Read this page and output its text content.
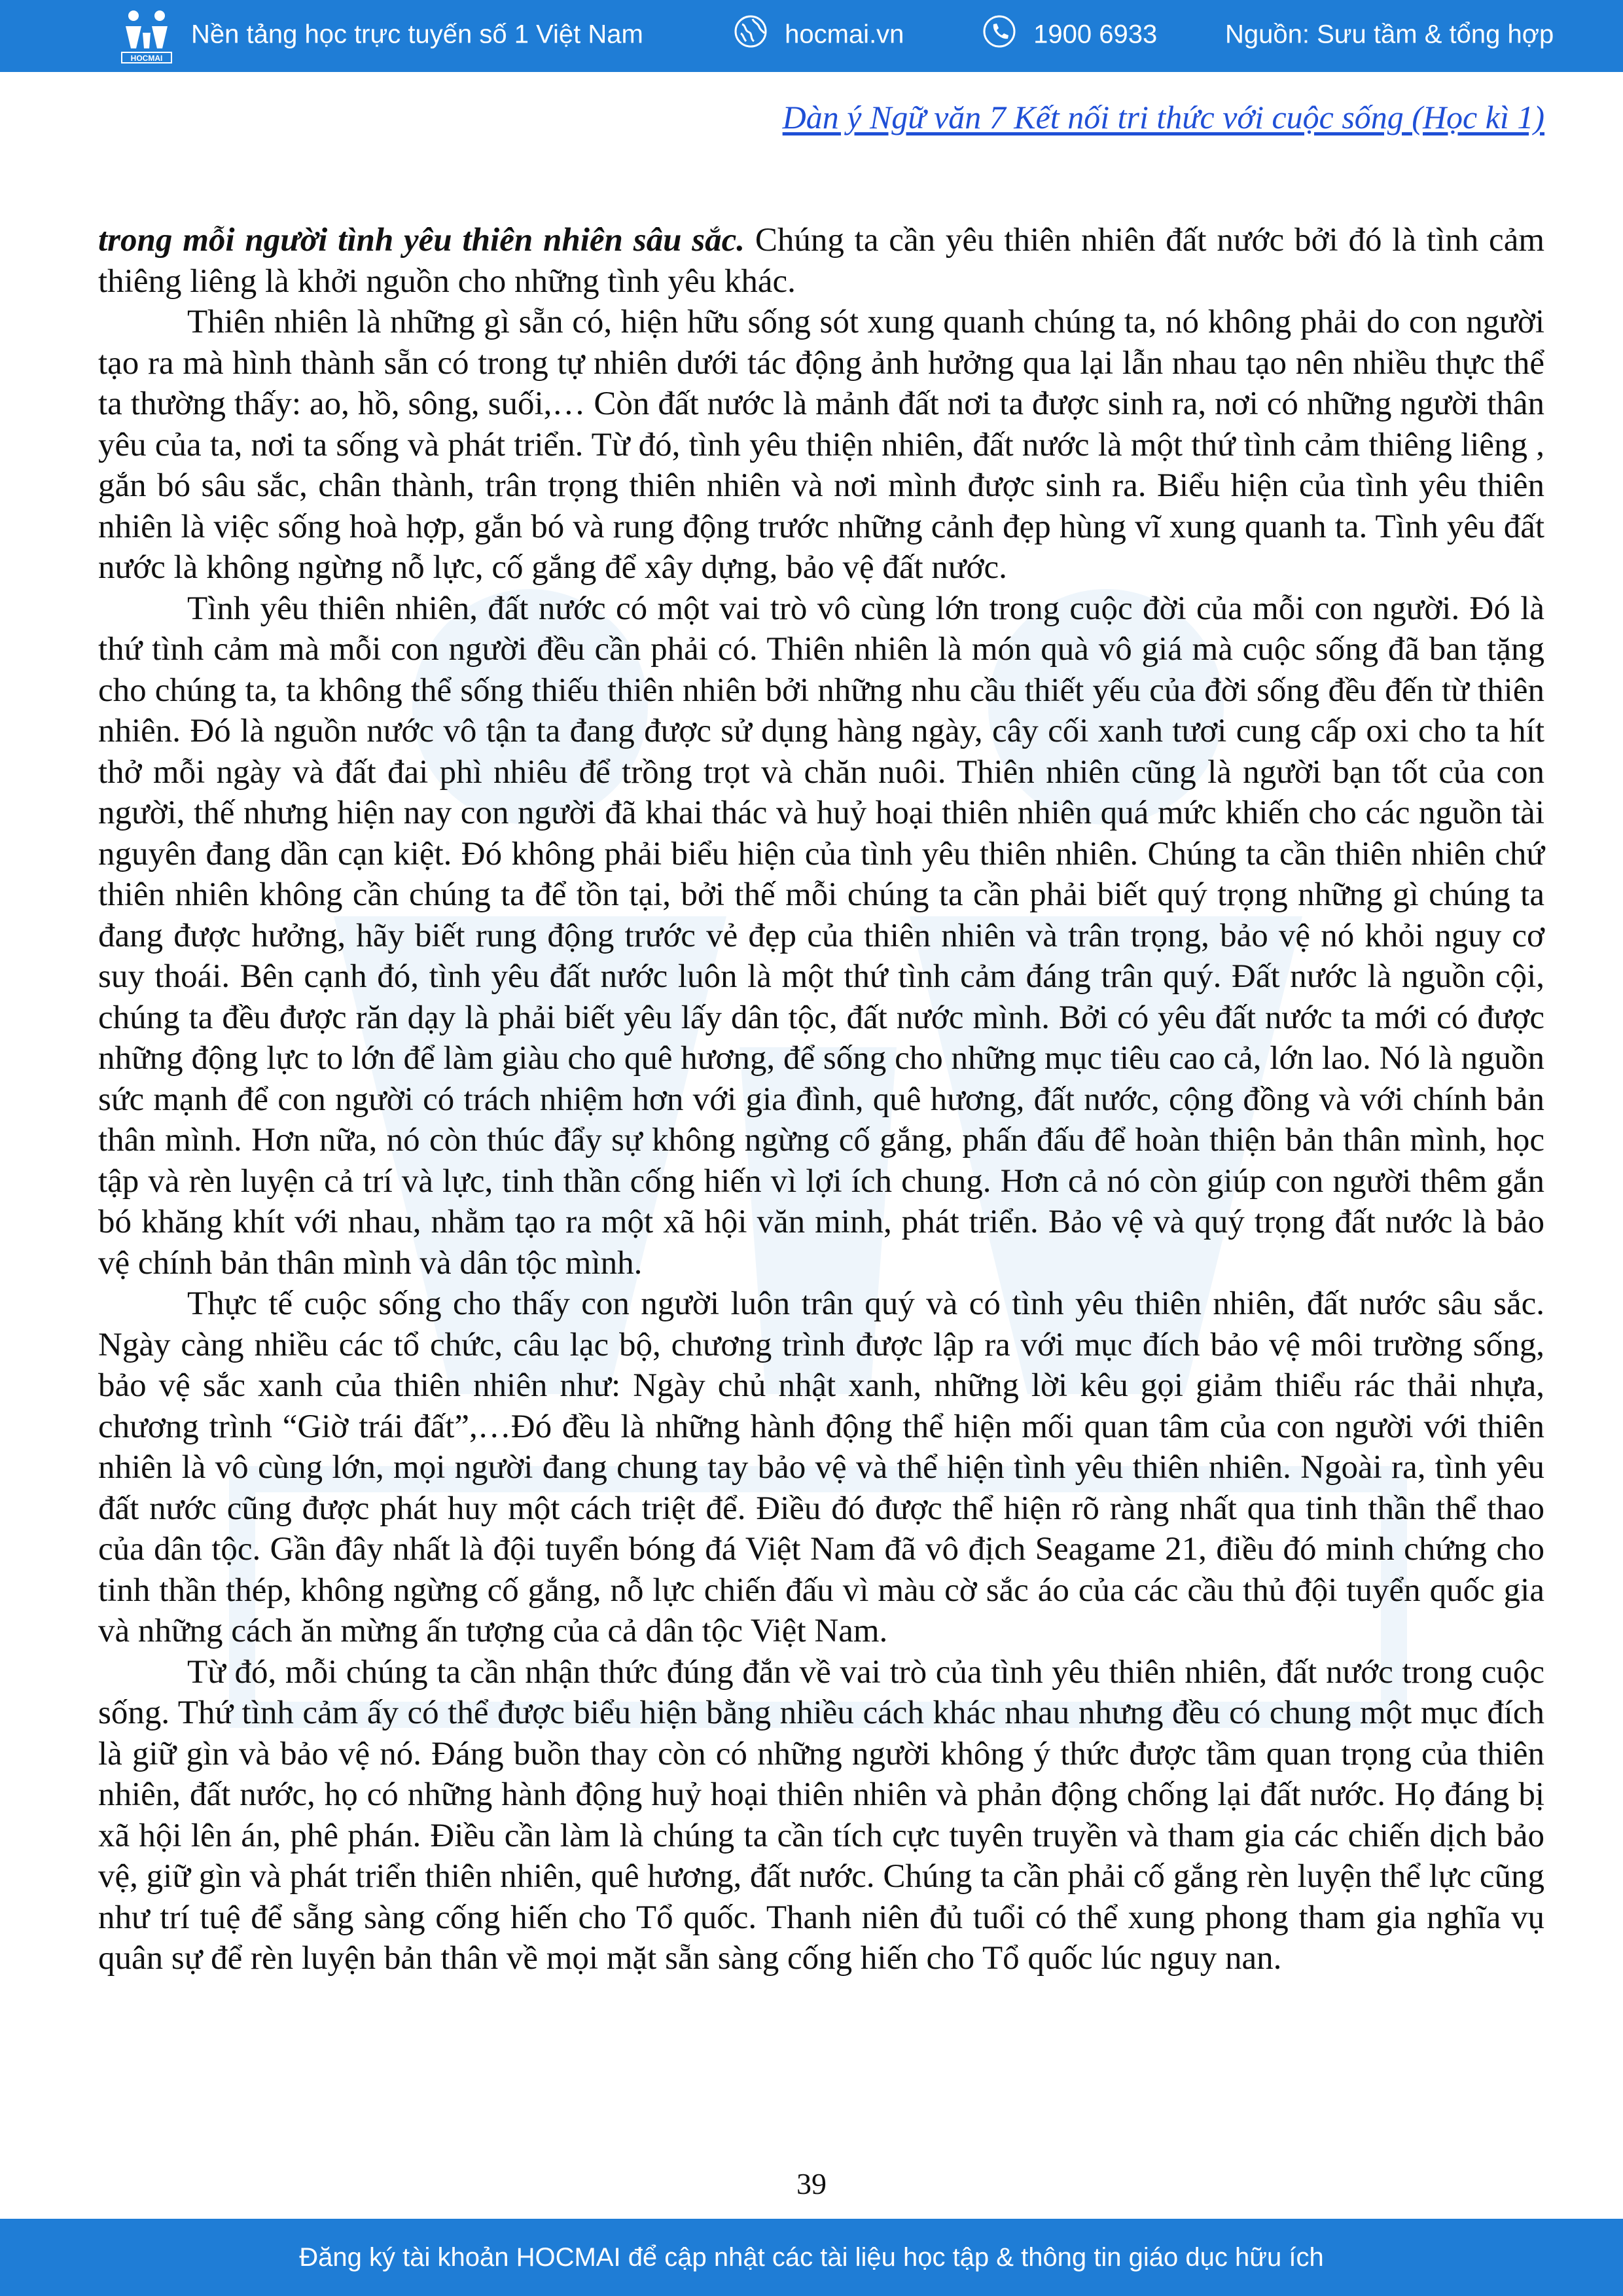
HOCMAI
Nền tảng học trực tuyến số 1 Việt Nam	hocmai.vn	1900 6933	Nguồn: Sưu tầm & tổng hợp
Dàn ý Ngữ văn 7 Kết nối tri thức với cuộc sống (Học kì 1)

trong mỗi người tình yêu thiên nhiên sâu sắc. Chúng ta cần yêu thiên nhiên đất nước bởi đó là tình cảm thiêng liêng là khởi nguồn cho những tình yêu khác.

Thiên nhiên là những gì sẵn có, hiện hữu sống sót xung quanh chúng ta, nó không phải do con người tạo ra mà hình thành sẵn có trong tự nhiên dưới tác động ảnh hưởng qua lại lẫn nhau tạo nên nhiều thực thể ta thường thấy: ao, hồ, sông, suối,… Còn đất nước là mảnh đất nơi ta được sinh ra, nơi có những người thân yêu của ta, nơi ta sống và phát triển. Từ đó, tình yêu thiện nhiên, đất nước là một thứ tình cảm thiêng liêng , gắn bó sâu sắc, chân thành, trân trọng thiên nhiên và nơi mình được sinh ra. Biểu hiện của tình yêu thiên nhiên là việc sống hoà hợp, gắn bó và rung động trước những cảnh đẹp hùng vĩ xung quanh ta. Tình yêu đất nước là không ngừng nỗ lực, cố gắng để xây dựng, bảo vệ đất nước.

Tình yêu thiên nhiên, đất nước có một vai trò vô cùng lớn trong cuộc đời của mỗi con người. Đó là thứ tình cảm mà mỗi con người đều cần phải có. Thiên nhiên là món quà vô giá mà cuộc sống đã ban tặng cho chúng ta, ta không thể sống thiếu thiên nhiên bởi những nhu cầu thiết yếu của đời sống đều đến từ thiên nhiên. Đó là nguồn nước vô tận ta đang được sử dụng hàng ngày, cây cối xanh tươi cung cấp oxi cho ta hít thở mỗi ngày và đất đai phì nhiêu để trồng trọt và chăn nuôi. Thiên nhiên cũng là người bạn tốt của con người, thế nhưng hiện nay con người đã khai thác và huỷ hoại thiên nhiên quá mức khiến cho các nguồn tài nguyên đang dần cạn kiệt. Đó không phải biểu hiện của tình yêu thiên nhiên. Chúng ta cần thiên nhiên chứ thiên nhiên không cần chúng ta để tồn tại, bởi thế mỗi chúng ta cần phải biết quý trọng những gì chúng ta đang được hưởng, hãy biết rung động trước vẻ đẹp của thiên nhiên và trân trọng, bảo vệ nó khỏi nguy cơ suy thoái. Bên cạnh đó, tình yêu đất nước luôn là một thứ tình cảm đáng trân quý. Đất nước là nguồn cội, chúng ta đều được răn dạy là phải biết yêu lấy dân tộc, đất nước mình. Bởi có yêu đất nước ta mới có được những động lực to lớn để làm giàu cho quê hương, để sống cho những mục tiêu cao cả, lớn lao. Nó là nguồn sức mạnh để con người có trách nhiệm hơn với gia đình, quê hương, đất nước, cộng đồng và với chính bản thân mình. Hơn nữa, nó còn thúc đẩy sự không ngừng cố gắng, phấn đấu để hoàn thiện bản thân mình, học tập và rèn luyện cả trí và lực, tinh thần cống hiến vì lợi ích chung. Hơn cả nó còn giúp con người thêm gắn bó khăng khít với nhau, nhằm tạo ra một xã hội văn minh, phát triển. Bảo vệ và quý trọng đất nước là bảo vệ chính bản thân mình và dân tộc mình.

Thực tế cuộc sống cho thấy con người luôn trân quý và có tình yêu thiên nhiên, đất nước sâu sắc. Ngày càng nhiều các tổ chức, câu lạc bộ, chương trình được lập ra với mục đích bảo vệ môi trường sống, bảo vệ sắc xanh của thiên nhiên như: Ngày chủ nhật xanh, những lời kêu gọi giảm thiểu rác thải nhựa, chương trình “Giờ trái đất”,…Đó đều là những hành động thể hiện mối quan tâm của con người với thiên nhiên là vô cùng lớn, mọi người đang chung tay bảo vệ và thể hiện tình yêu thiên nhiên. Ngoài ra, tình yêu đất nước cũng được phát huy một cách triệt để. Điều đó được thể hiện rõ ràng nhất qua tinh thần thể thao của dân tộc. Gần đây nhất là đội tuyển bóng đá Việt Nam đã vô địch Seagame 21, điều đó minh chứng cho tinh thần thép, không ngừng cố gắng, nỗ lực chiến đấu vì màu cờ sắc áo của các cầu thủ đội tuyển quốc gia và những cách ăn mừng ấn tượng của cả dân tộc Việt Nam.

Từ đó, mỗi chúng ta cần nhận thức đúng đắn về vai trò của tình yêu thiên nhiên, đất nước trong cuộc sống. Thứ tình cảm ấy có thể được biểu hiện bằng nhiều cách khác nhau nhưng đều có chung một mục đích là giữ gìn và bảo vệ nó. Đáng buồn thay còn có những người không ý thức được tầm quan trọng của thiên nhiên, đất nước, họ có những hành động huỷ hoại thiên nhiên và phản động chống lại đất nước. Họ đáng bị xã hội lên án, phê phán. Điều cần làm là chúng ta cần tích cực tuyên truyền và tham gia các chiến dịch bảo vệ, giữ gìn và phát triển thiên nhiên, quê hương, đất nước. Chúng ta cần phải cố gắng rèn luyện thể lực cũng như trí tuệ để sẵng sàng cống hiến cho Tổ quốc. Thanh niên đủ tuổi có thể xung phong tham gia nghĩa vụ quân sự để rèn luyện bản thân về mọi mặt sẵn sàng cống hiến cho Tổ quốc lúc nguy nan.

39
Đăng ký tài khoản HOCMAI để cập nhật các tài liệu học tập & thông tin giáo dục hữu ích
